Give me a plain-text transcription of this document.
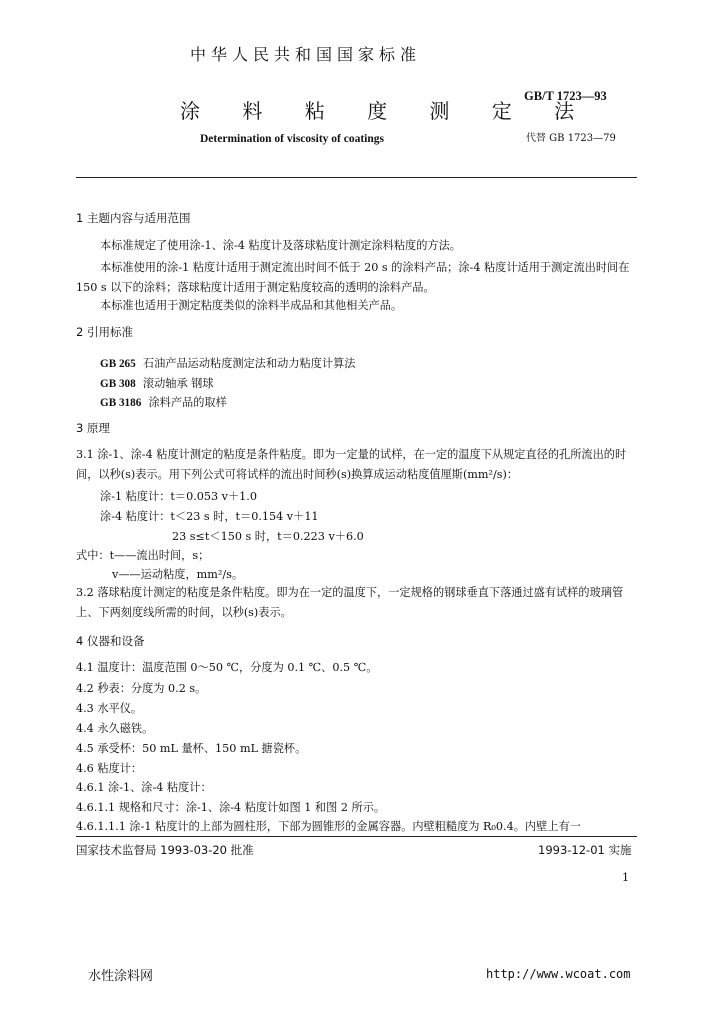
中华人民共和国国家标准
GB/T 1723—93
涂 料 粘 度 测 定 法
Determination of viscosity of coatings	代替 GB 1723—79
1 主题内容与适用范围
本标准规定了使用涂-1、涂-4 粘度计及落球粘度计测定涂料粘度的方法。
本标准使用的涂-1 粘度计适用于测定流出时间不低于 20 s 的涂料产品；涂-4 粘度计适用于测定流出时间在 150 s 以下的涂料；落球粘度计适用于测定粘度较高的透明的涂料产品。
本标准也适用于测定粘度类似的涂料半成品和其他相关产品。
2 引用标准
GB 265 石油产品运动粘度测定法和动力粘度计算法
GB 308 滚动轴承 钢球
GB 3186 涂料产品的取样
3 原理
3.1 涂-1、涂-4 粘度计测定的粘度是条件粘度。即为一定量的试样，在一定的温度下从规定直径的孔所流出的时间，以秒(s)表示。用下列公式可将试样的流出时间秒(s)换算成运动粘度值厘斯(mm²/s)：
涂-1 粘度计：t＝0.053 v＋1.0
涂-4 粘度计：t＜23 s 时，t＝0.154 v＋11
23 s≤t＜150 s 时，t＝0.223 v＋6.0
式中：t——流出时间，s；
v——运动粘度，mm²/s。
3.2 落球粘度计测定的粘度是条件粘度。即为在一定的温度下，一定规格的钢球垂直下落通过盛有试样的玻璃管上、下两刻度线所需的时间，以秒(s)表示。
4 仪器和设备
4.1 温度计：温度范围 0～50 ℃，分度为 0.1 ℃、0.5 ℃。
4.2 秒表：分度为 0.2 s。
4.3 水平仪。
4.4 永久磁铁。
4.5 承受杯：50 mL 量杯、150 mL 搪瓷杯。
4.6 粘度计：
4.6.1 涂-1、涂-4 粘度计：
4.6.1.1 规格和尺寸：涂-1、涂-4 粘度计如图 1 和图 2 所示。
4.6.1.1.1 涂-1 粘度计的上部为圆柱形，下部为圆锥形的金属容器。内壁粗糙度为 R₀0.4。内壁上有一
国家技术监督局 1993-03-20 批准	1993-12-01 实施
1
水性涂料网	http://www.wcoat.com
